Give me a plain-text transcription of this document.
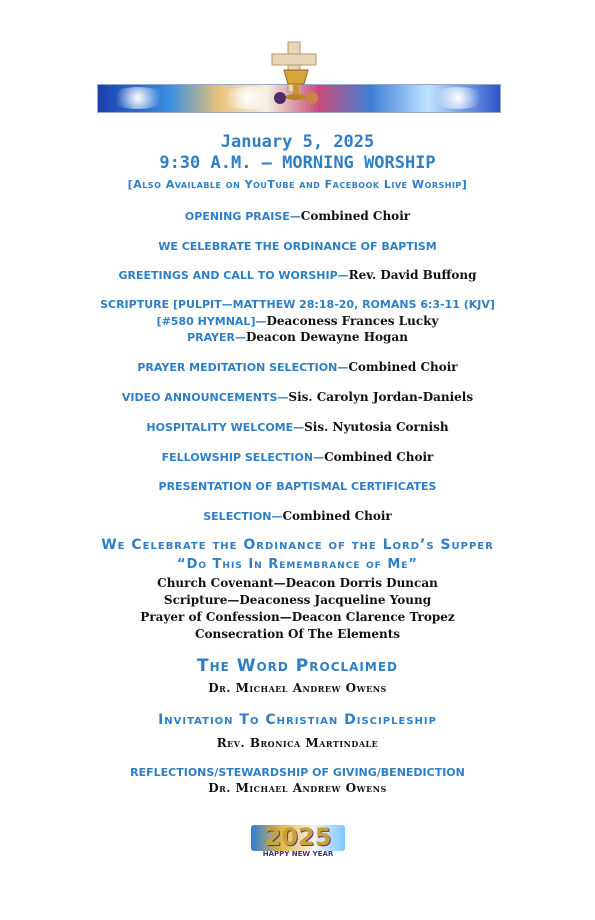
January 5, 2025
9:30 A.M. — MORNING WORSHIP
[Also Available on YouTube and Facebook Live Worship]
OPENING PRAISE—Combined Choir
WE CELEBRATE THE ORDINANCE OF BAPTISM
GREETINGS AND CALL TO WORSHIP—Rev. David Buffong
SCRIPTURE [PULPIT—MATTHEW 28:18-20, ROMANS 6:3-11 (KJV]
[#580 HYMNAL]—Deaconess Frances Lucky
PRAYER—Deacon Dewayne Hogan
PRAYER MEDITATION SELECTION—Combined Choir
VIDEO ANNOUNCEMENTS—Sis. Carolyn Jordan-Daniels
HOSPITALITY WELCOME—Sis. Nyutosia Cornish
FELLOWSHIP SELECTION—Combined Choir
PRESENTATION OF BAPTISMAL CERTIFICATES
SELECTION—Combined Choir
We Celebrate the Ordinance of the Lord’s Supper
“Do This In Remembrance of Me”
Church Covenant—Deacon Dorris Duncan
Scripture—Deaconess Jacqueline Young
Prayer of Confession—Deacon Clarence Tropez
Consecration Of The Elements
The Word Proclaimed
Dr. Michael Andrew Owens
Invitation To Christian Discipleship
Rev. Bronica Martindale
REFLECTIONS/STEWARDSHIP OF GIVING/BENEDICTION
Dr. Michael Andrew Owens
2025
HAPPY NEW YEAR
